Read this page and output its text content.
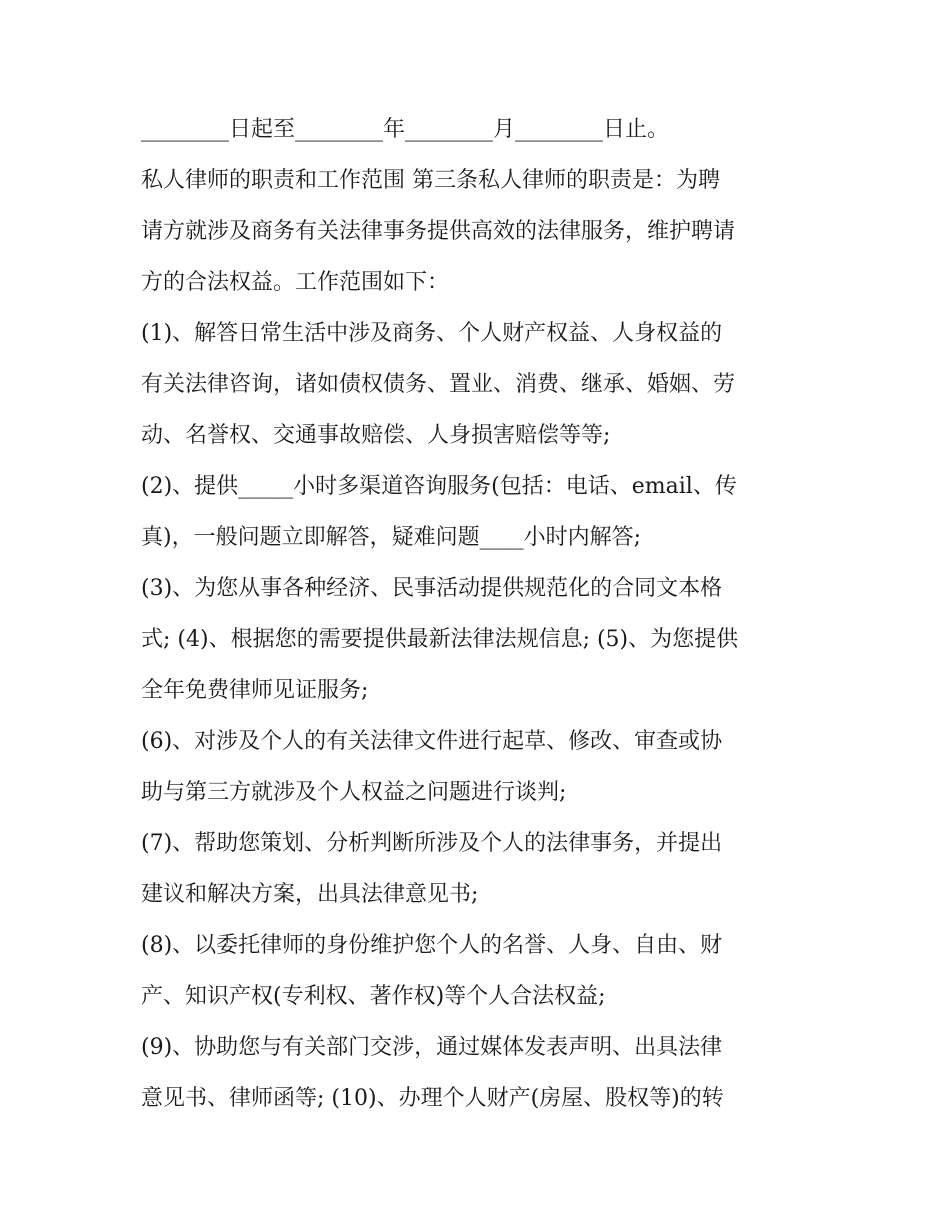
________日起至________年________月________日止。
私人律师的职责和工作范围 第三条私人律师的职责是：为聘
请方就涉及商务有关法律事务提供高效的法律服务，维护聘请
方的合法权益。工作范围如下：
(1)、解答日常生活中涉及商务、个人财产权益、人身权益的
有关法律咨询，诸如债权债务、置业、消费、继承、婚姻、劳
动、名誉权、交通事故赔偿、人身损害赔偿等等;
(2)、提供_____小时多渠道咨询服务(包括：电话、email、传
真)，一般问题立即解答，疑难问题____小时内解答;
(3)、为您从事各种经济、民事活动提供规范化的合同文本格
式; (4)、根据您的需要提供最新法律法规信息; (5)、为您提供
全年免费律师见证服务;
(6)、对涉及个人的有关法律文件进行起草、修改、审查或协
助与第三方就涉及个人权益之问题进行谈判;
(7)、帮助您策划、分析判断所涉及个人的法律事务，并提出
建议和解决方案，出具法律意见书;
(8)、以委托律师的身份维护您个人的名誉、人身、自由、财
产、知识产权(专利权、著作权)等个人合法权益;
(9)、协助您与有关部门交涉，通过媒体发表声明、出具法律
意见书、律师函等; (10)、办理个人财产(房屋、股权等)的转
